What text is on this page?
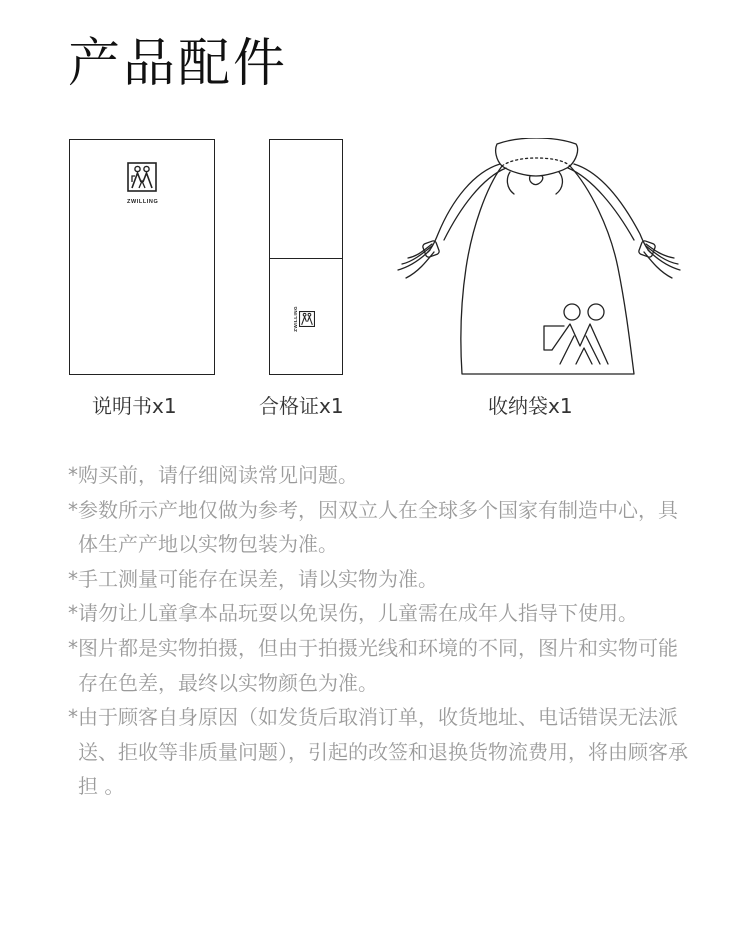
产品配件
ZWILLING
说明书x1
ZWILLING
合格证x1	收纳袋x1

*购买前，请仔细阅读常见问题。

*参数所示产地仅做为参考，因双立人在全球多个国家有制造中心，具体生产产地以实物包装为准。

*手工测量可能存在误差，请以实物为准。

*请勿让儿童拿本品玩耍以免误伤，儿童需在成年人指导下使用。

*图片都是实物拍摄，但由于拍摄光线和环境的不同，图片和实物可能存在色差，最终以实物颜色为准。

*由于顾客自身原因（如发货后取消订单，收货地址、电话错误无法派送、拒收等非质量问题），引起的改签和退换货物流费用，将由顾客承担 。
